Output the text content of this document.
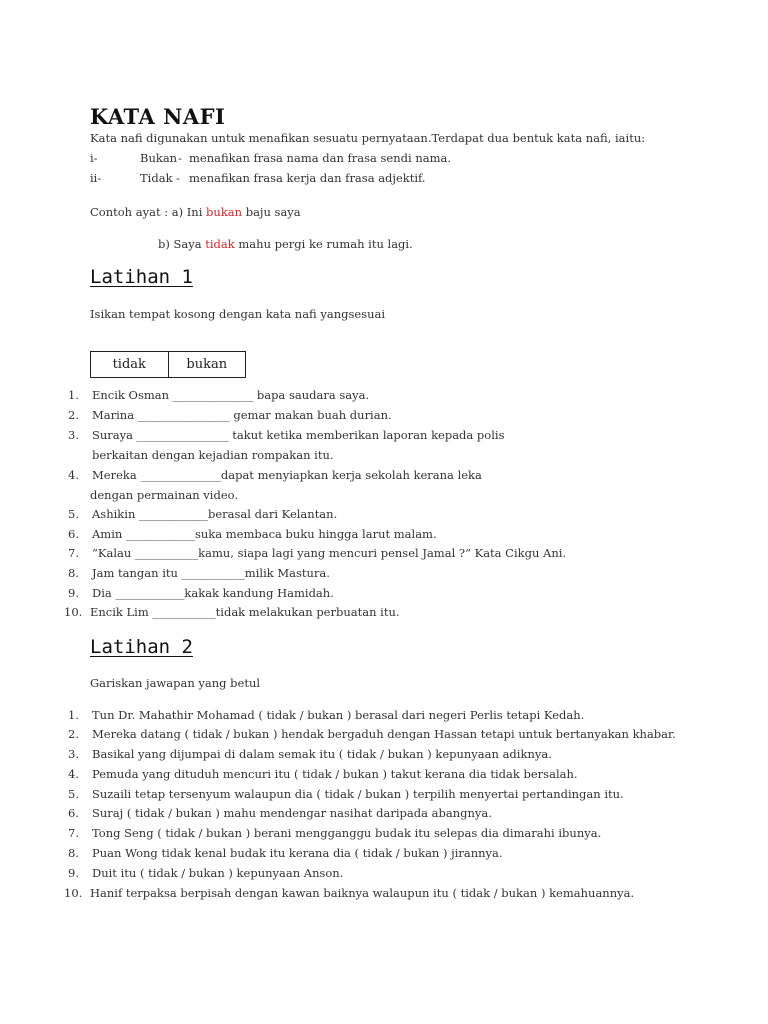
KATA NAFI
Kata nafi digunakan untuk menafikan sesuatu pernyataan.Terdapat dua bentuk kata nafi, iaitu:
i-	Bukan - menafikan frasa nama dan frasa sendi nama.
ii-	Tidak - menafikan frasa kerja dan frasa adjektif.
Contoh ayat : a) Ini bukan baju saya
b) Saya tidak mahu pergi ke rumah itu lagi.
Latihan 1
Isikan tempat kosong dengan kata nafi yangsesuai
tidak	bukan
1. Encik Osman ______________ bapa saudara saya.
2. Marina ________________ gemar makan buah durian.
3. Suraya ________________ takut ketika memberikan laporan kepada polis
berkaitan dengan kejadian rompakan itu.
4. Mereka ______________dapat menyiapkan kerja sekolah kerana leka
dengan permainan video.
5. Ashikin ____________berasal dari Kelantan.
6. Amin ____________suka membaca buku hingga larut malam.
7. “Kalau ___________kamu, siapa lagi yang mencuri pensel Jamal ?” Kata Cikgu Ani.
8. Jam tangan itu ___________milik Mastura.
9. Dia ____________kakak kandung Hamidah.
10. Encik Lim ___________tidak melakukan perbuatan itu.
Latihan 2
Gariskan jawapan yang betul
1. Tun Dr. Mahathir Mohamad ( tidak / bukan ) berasal dari negeri Perlis tetapi Kedah.
2. Mereka datang ( tidak / bukan ) hendak bergaduh dengan Hassan tetapi untuk bertanyakan khabar.
3. Basikal yang dijumpai di dalam semak itu ( tidak / bukan ) kepunyaan adiknya.
4. Pemuda yang dituduh mencuri itu ( tidak / bukan ) takut kerana dia tidak bersalah.
5. Suzaili tetap tersenyum walaupun dia ( tidak / bukan ) terpilih menyertai pertandingan itu.
6. Suraj ( tidak / bukan ) mahu mendengar nasihat daripada abangnya.
7. Tong Seng ( tidak / bukan ) berani mengganggu budak itu selepas dia dimarahi ibunya.
8. Puan Wong tidak kenal budak itu kerana dia ( tidak / bukan ) jirannya.
9. Duit itu ( tidak / bukan ) kepunyaan Anson.
10. Hanif terpaksa berpisah dengan kawan baiknya walaupun itu ( tidak / bukan ) kemahuannya.
